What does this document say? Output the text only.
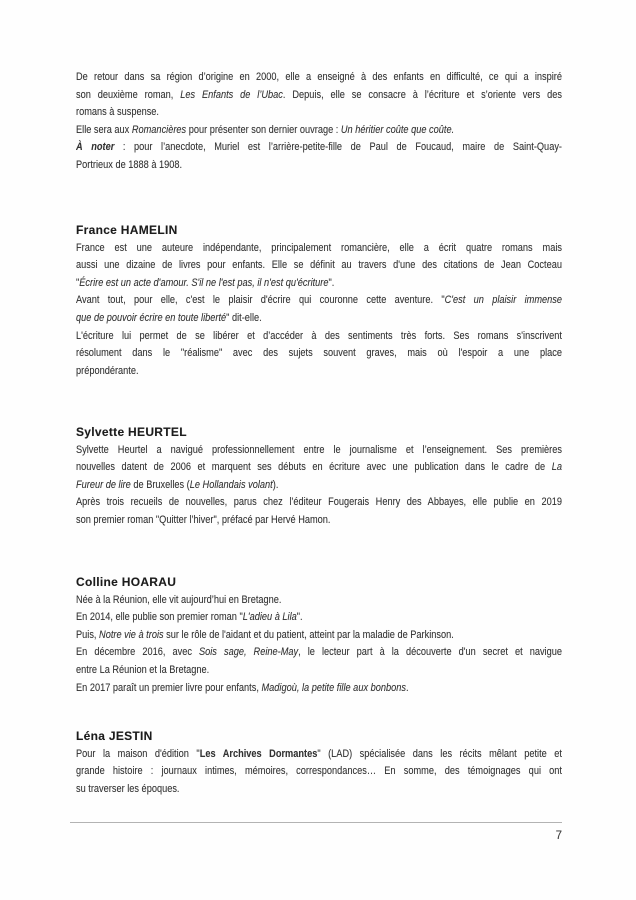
De retour dans sa région d’origine en 2000, elle a enseigné à des enfants en difficulté, ce qui a inspiré
son deuxième roman, Les Enfants de l’Ubac. Depuis, elle se consacre à l’écriture et s’oriente vers des
romans à suspense.
Elle sera aux Romancières pour présenter son dernier ouvrage : Un héritier coûte que coûte.
À noter : pour l’anecdote, Muriel est l’arrière-petite-fille de Paul de Foucaud, maire de Saint-Quay-
Portrieux de 1888 à 1908.
France HAMELIN
France est une auteure indépendante, principalement romancière, elle a écrit quatre romans mais
aussi une dizaine de livres pour enfants. Elle se définit au travers d'une des citations de Jean Cocteau
"Écrire est un acte d'amour. S'il ne l'est pas, il n'est qu'écriture".
Avant tout, pour elle, c'est le plaisir d'écrire qui couronne cette aventure. "C'est un plaisir immense
que de pouvoir écrire en toute liberté" dit-elle.
L'écriture lui permet de se libérer et d’accéder à des sentiments très forts. Ses romans s'inscrivent
résolument dans le "réalisme" avec des sujets souvent graves, mais où l'espoir a une place
prépondérante.
Sylvette HEURTEL
Sylvette Heurtel a navigué professionnellement entre le journalisme et l’enseignement. Ses premières
nouvelles datent de 2006 et marquent ses débuts en écriture avec une publication dans le cadre de La
Fureur de lire de Bruxelles (Le Hollandais volant).
Après trois recueils de nouvelles, parus chez l’éditeur Fougerais Henry des Abbayes, elle publie en 2019
son premier roman "Quitter l’hiver", préfacé par Hervé Hamon.
Colline HOARAU
Née à la Réunion, elle vit aujourd’hui en Bretagne.
En 2014, elle publie son premier roman "L'adieu à Lila".
Puis, Notre vie à trois sur le rôle de l'aidant et du patient, atteint par la maladie de Parkinson.
En décembre 2016, avec Sois sage, Reine-May, le lecteur part à la découverte d'un secret et navigue
entre La Réunion et la Bretagne.
En 2017 paraît un premier livre pour enfants, Madigoù, la petite fille aux bonbons.
Léna JESTIN
Pour la maison d'édition "Les Archives Dormantes" (LAD) spécialisée dans les récits mêlant petite et
grande histoire : journaux intimes, mémoires, correspondances… En somme, des témoignages qui ont
su traverser les époques.
7
